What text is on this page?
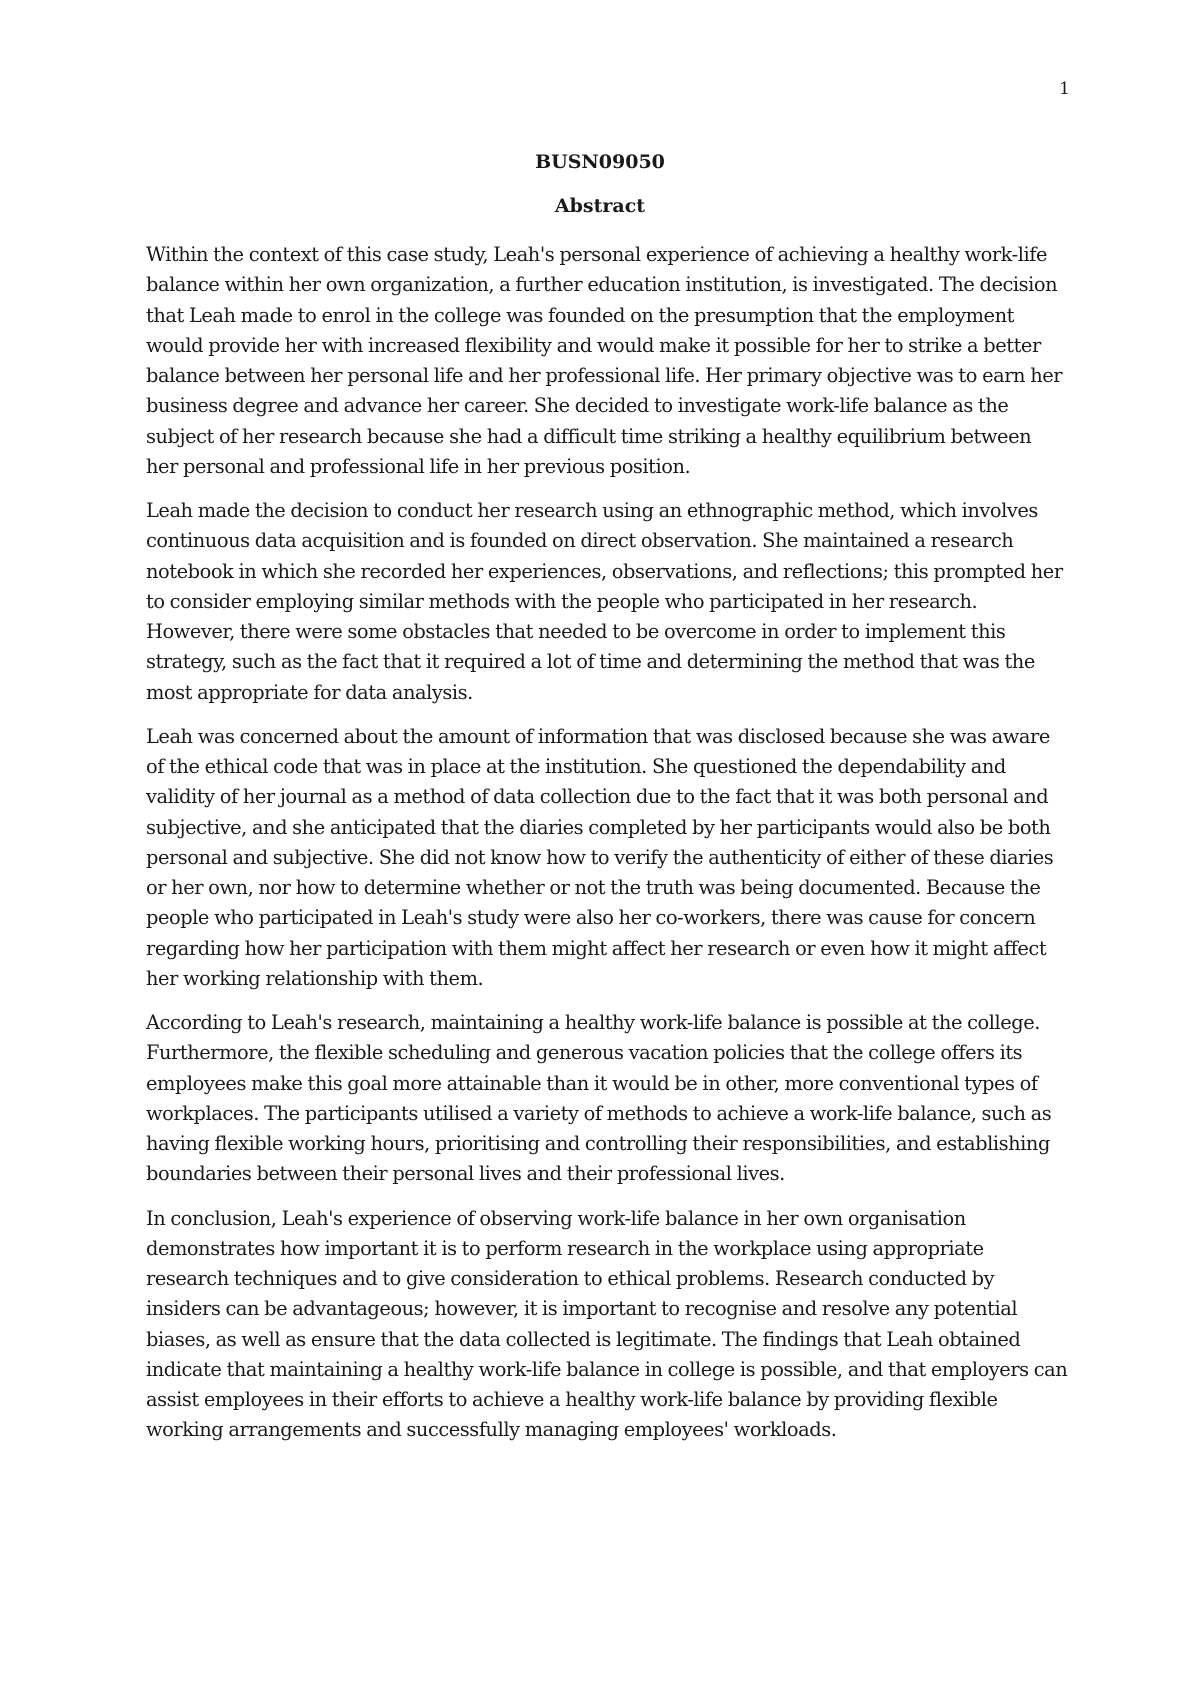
1

BUSN09050

Abstract

Within the context of this case study, Leah's personal experience of achieving a healthy work-life balance within her own organization, a further education institution, is investigated. The decision that Leah made to enrol in the college was founded on the presumption that the employment would provide her with increased flexibility and would make it possible for her to strike a better balance between her personal life and her professional life. Her primary objective was to earn her business degree and advance her career. She decided to investigate work-life balance as the subject of her research because she had a difficult time striking a healthy equilibrium between her personal and professional life in her previous position.

Leah made the decision to conduct her research using an ethnographic method, which involves continuous data acquisition and is founded on direct observation. She maintained a research notebook in which she recorded her experiences, observations, and reflections; this prompted her to consider employing similar methods with the people who participated in her research. However, there were some obstacles that needed to be overcome in order to implement this strategy, such as the fact that it required a lot of time and determining the method that was the most appropriate for data analysis.

Leah was concerned about the amount of information that was disclosed because she was aware of the ethical code that was in place at the institution. She questioned the dependability and validity of her journal as a method of data collection due to the fact that it was both personal and subjective, and she anticipated that the diaries completed by her participants would also be both personal and subjective. She did not know how to verify the authenticity of either of these diaries or her own, nor how to determine whether or not the truth was being documented. Because the people who participated in Leah's study were also her co-workers, there was cause for concern regarding how her participation with them might affect her research or even how it might affect her working relationship with them.

According to Leah's research, maintaining a healthy work-life balance is possible at the college. Furthermore, the flexible scheduling and generous vacation policies that the college offers its employees make this goal more attainable than it would be in other, more conventional types of workplaces. The participants utilised a variety of methods to achieve a work-life balance, such as having flexible working hours, prioritising and controlling their responsibilities, and establishing boundaries between their personal lives and their professional lives.

In conclusion, Leah's experience of observing work-life balance in her own organisation demonstrates how important it is to perform research in the workplace using appropriate research techniques and to give consideration to ethical problems. Research conducted by insiders can be advantageous; however, it is important to recognise and resolve any potential biases, as well as ensure that the data collected is legitimate. The findings that Leah obtained indicate that maintaining a healthy work-life balance in college is possible, and that employers can assist employees in their efforts to achieve a healthy work-life balance by providing flexible working arrangements and successfully managing employees' workloads.
